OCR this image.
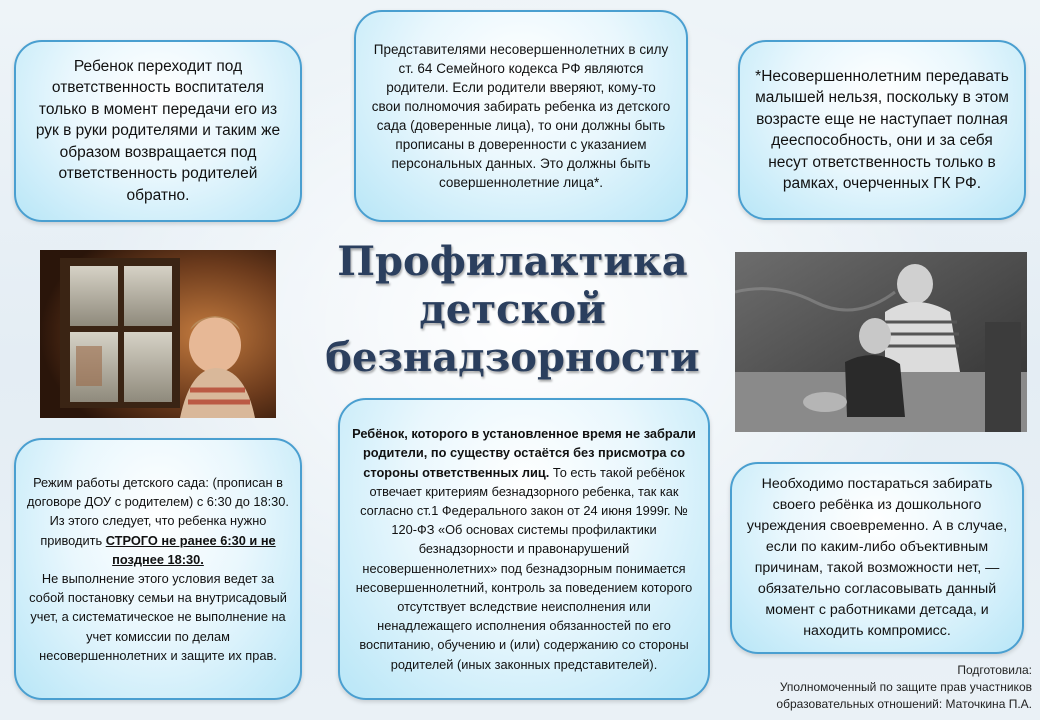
Ребенок переходит под ответственность воспитателя только в момент передачи его из рук в руки родителями и таким же образом возвращается под ответственность родителей обратно.
Представителями несовершеннолетних в силу ст. 64 Семейного кодекса РФ являются родители. Если родители вверяют, кому-то свои полномочия забирать ребенка из детского сада (доверенные лица), то они должны быть прописаны в доверенности с указанием персональных данных. Это должны быть совершеннолетние лица*.
*Несовершеннолетним передавать малышей нельзя, поскольку в этом возрасте еще не наступает полная дееспособность, они и за себя несут ответственность только в рамках, очерченных ГК РФ.
Профилактика
детской
безнадзорности
Режим работы детского сада: (прописан в договоре ДОУ с родителем) с 6:30 до 18:30. Из этого следует, что ребенка нужно приводить СТРОГО не ранее 6:30 и не позднее 18:30.
Не выполнение этого условия ведет за собой постановку семьи на внутрисадовый учет, а систематическое не выполнение на учет комиссии по делам несовершеннолетних и защите их прав.
Ребёнок, которого в установленное время не забрали родители, по существу остаётся без присмотра со стороны ответственных лиц. То есть такой ребёнок отвечает критериям безнадзорного ребенка, так как согласно ст.1 Федерального закон от 24 июня 1999г. № 120-ФЗ «Об основах системы профилактики безнадзорности и правонарушений несовершеннолетних» под безнадзорным понимается несовершеннолетний, контроль за поведением которого отсутствует вследствие неисполнения или ненадлежащего исполнения обязанностей по его воспитанию, обучению и (или) содержанию со стороны родителей (иных законных представителей).
Необходимо постараться забирать своего ребёнка из дошкольного учреждения своевременно. А в случае, если по каким-либо объективным причинам, такой возможности нет, — обязательно согласовывать данный момент с работниками детсада, и находить компромисс.
Подготовила:
Уполномоченный по защите прав участников
образовательных отношений: Маточкина П.А.
